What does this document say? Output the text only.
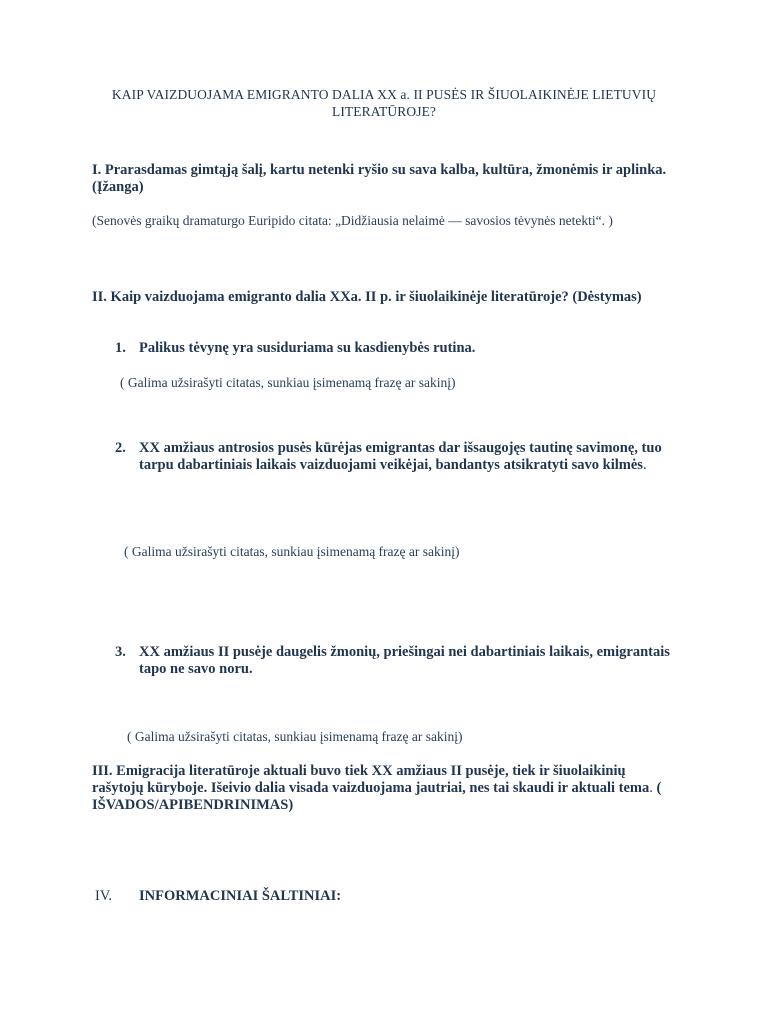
KAIP VAIZDUOJAMA EMIGRANTO DALIA XX a. II PUSĖS IR ŠIUOLAIKINĖJE LIETUVIŲ
LITERATŪROJE?

I. Prarasdamas gimtąją šalį, kartu netenki ryšio su sava kalba, kultūra, žmonėmis ir aplinka. (Įžanga)

(Senovės graikų dramaturgo Euripido citata: „Didžiausia nelaimė — savosios tėvynės netekti“. )

II. Kaip vaizduojama emigranto dalia XXa. II p. ir šiuolaikinėje literatūroje? (Dėstymas)

1. Palikus tėvynę yra susiduriama su kasdienybės rutina.

( Galima užsirašyti citatas, sunkiau įsimenamą frazę ar sakinį)

2. XX amžiaus antrosios pusės kūrėjas emigrantas dar išsaugojęs tautinę savimonę, tuo tarpu dabartiniais laikais vaizduojami veikėjai, bandantys atsikratyti savo kilmės.

( Galima užsirašyti citatas, sunkiau įsimenamą frazę ar sakinį)

3. XX amžiaus II pusėje daugelis žmonių, priešingai nei dabartiniais laikais, emigrantais tapo ne savo noru.

( Galima užsirašyti citatas, sunkiau įsimenamą frazę ar sakinį)

III. Emigracija literatūroje aktuali buvo tiek XX amžiaus II pusėje, tiek ir šiuolaikinių rašytojų kūryboje. Išeivio dalia visada vaizduojama jautriai, nes tai skaudi ir aktuali tema. ( IŠVADOS/APIBENDRINIMAS)

IV. INFORMACINIAI ŠALTINIAI:
